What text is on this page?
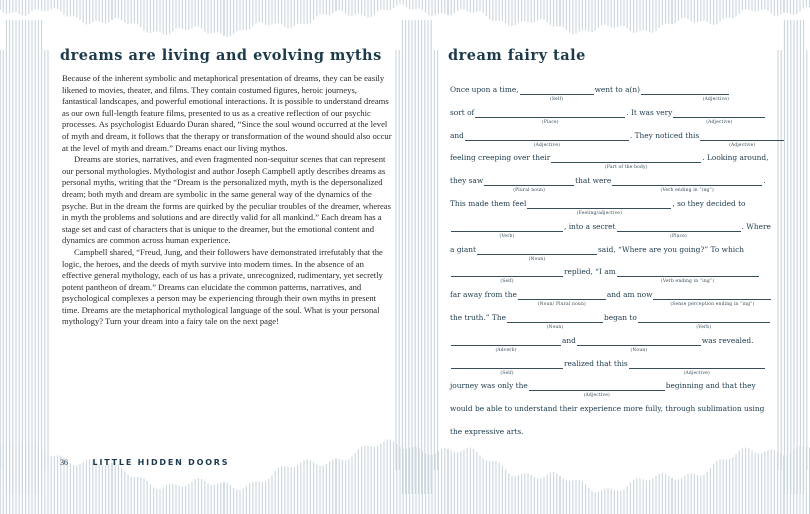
dreams are living and evolving myths

Because of the inherent symbolic and metaphorical presentation of dreams, they can be easily likened to movies, theater, and films. They contain costumed figures, heroic journeys, fantastical landscapes, and powerful emotional interactions. It is possible to understand dreams as our own full-length feature films, presented to us as a creative reflection of our psychic processes. As psychologist Eduardo Duran shared, “Since the soul wound occurred at the level of myth and dream, it follows that the therapy or transformation of the wound should also occur at the level of myth and dream.” Dreams enact our living mythos.

Dreams are stories, narratives, and even fragmented non-sequitur scenes that can represent our personal mythologies. Mythologist and author Joseph Campbell aptly describes dreams as personal myths, writing that the “Dream is the personalized myth, myth is the depersonalized dream; both myth and dream are symbolic in the same general way of the dynamics of the psyche. But in the dream the forms are quirked by the peculiar troubles of the dreamer, whereas in myth the problems and solutions and are directly valid for all mankind.” Each dream has a stage set and cast of characters that is unique to the dreamer, but the emotional content and dynamics are common across human experience.

Campbell shared, “Freud, Jung, and their followers have demonstrated irrefutably that the logic, the heroes, and the deeds of myth survive into modern times. In the absence of an effective general mythology, each of us has a private, unrecognized, rudimentary, yet secretly potent pantheon of dream.” Dreams can elucidate the common patterns, narratives, and psychological complexes a person may be experiencing through their own myths in present time. Dreams are the metaphorical mythological language of the soul. What is your personal mythology? Turn your dream into a fairy tale on the next page!

36	LITTLE HIDDEN DOORS
dream fairy tale
Once upon a time,
(Self)
went to a(n)
(Adjective)
sort of
(Place)
. It was very
(Adjective)
and
(Adjective)
. They noticed this
(Adjective)
feeling creeping over their
(Part of the body)
. Looking around,
they saw
(Plural noun)
that were
(Verb ending in “ing”)
.
This made them feel
(Feeling/adjective)
, so they decided to
(Verb)
, into a secret
(Place)
. Where
a giant
(Noun)
said, “Where are you going?” To which
(Self)
replied, “I am
(Verb ending in “ing”)
far away from the
(Noun/ Plural noun)
and am now
(Sense perception ending in “ing”)
the truth.” The
(Noun)
began to
(Verb)
(Adverb)
and
(Noun)
was revealed.
(Self)
realized that this
(Adjective)
journey was only the
(Adjective)
beginning and that they
would be able to understand their experience more fully, through sublimation using
the expressive arts.
